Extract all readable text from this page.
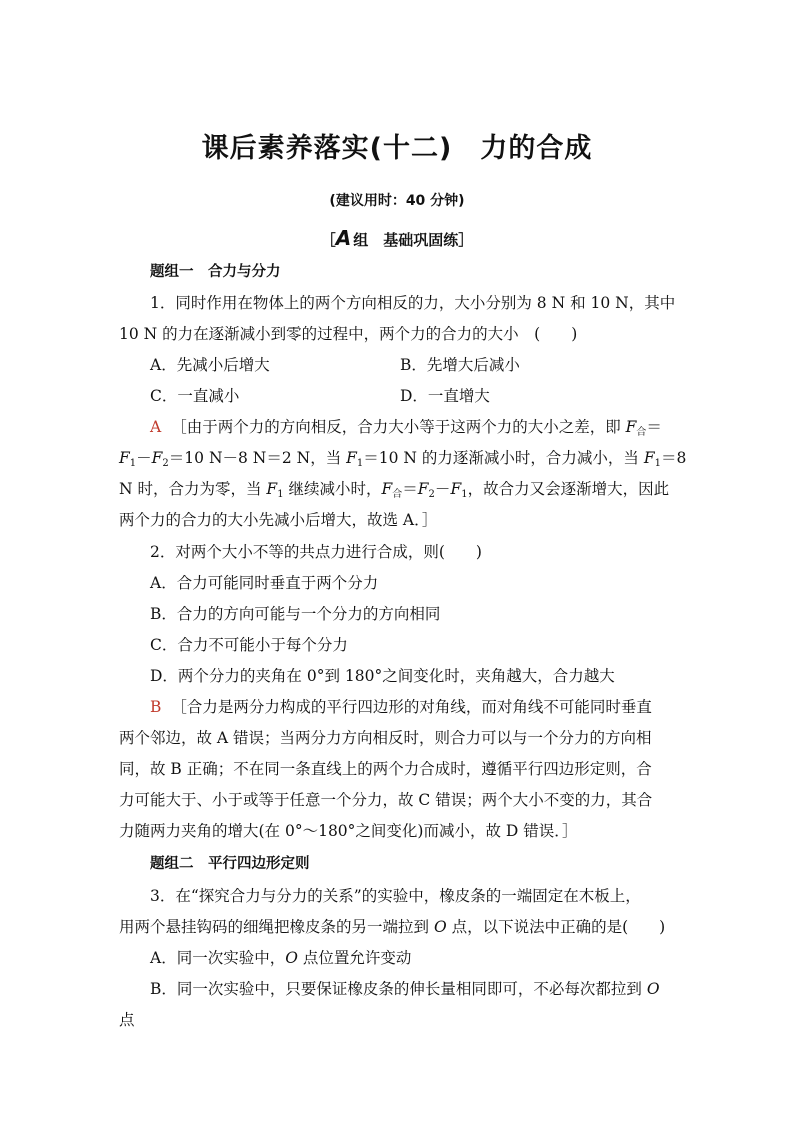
课后素养落实(十二)　力的合成
(建议用时：40 分钟)
［A 组　基础巩固练］
题组一　合力与分力
1．同时作用在物体上的两个方向相反的力，大小分别为 8 N 和 10 N，其中
10 N 的力在逐渐减小到零的过程中，两个力的合力的大小　(　　)
A．先减小后增大	B．先增大后减小
C．一直减小	D．一直增大
A ［由于两个力的方向相反，合力大小等于这两个力的大小之差，即 $F_合=$
$F_1-F_2=10$ N－8 N＝2 N，当 $F_1=10$ N 的力逐渐减小时，合力减小，当 $F_1=8$
N 时，合力为零，当 $F_1$ 继续减小时，$F_合=F_2-F_1$，故合力又会逐渐增大，因此
两个力的合力的大小先减小后增大，故选 A．］
2．对两个大小不等的共点力进行合成，则(　　)
A．合力可能同时垂直于两个分力
B．合力的方向可能与一个分力的方向相同
C．合力不可能小于每个分力
D．两个分力的夹角在 0°到 180°之间变化时，夹角越大，合力越大
B ［合力是两分力构成的平行四边形的对角线，而对角线不可能同时垂直
两个邻边，故 A 错误；当两分力方向相反时，则合力可以与一个分力的方向相
同，故 B 正确；不在同一条直线上的两个力合成时，遵循平行四边形定则，合
力可能大于、小于或等于任意一个分力，故 C 错误；两个大小不变的力，其合
力随两力夹角的增大(在 0°～180°之间变化)而减小，故 D 错误．］
题组二　平行四边形定则
3．在“探究合力与分力的关系”的实验中，橡皮条的一端固定在木板上，
用两个悬挂钩码的细绳把橡皮条的另一端拉到 O 点，以下说法中正确的是(　　)
A．同一次实验中，O 点位置允许变动
B．同一次实验中，只要保证橡皮条的伸长量相同即可，不必每次都拉到 O
点
